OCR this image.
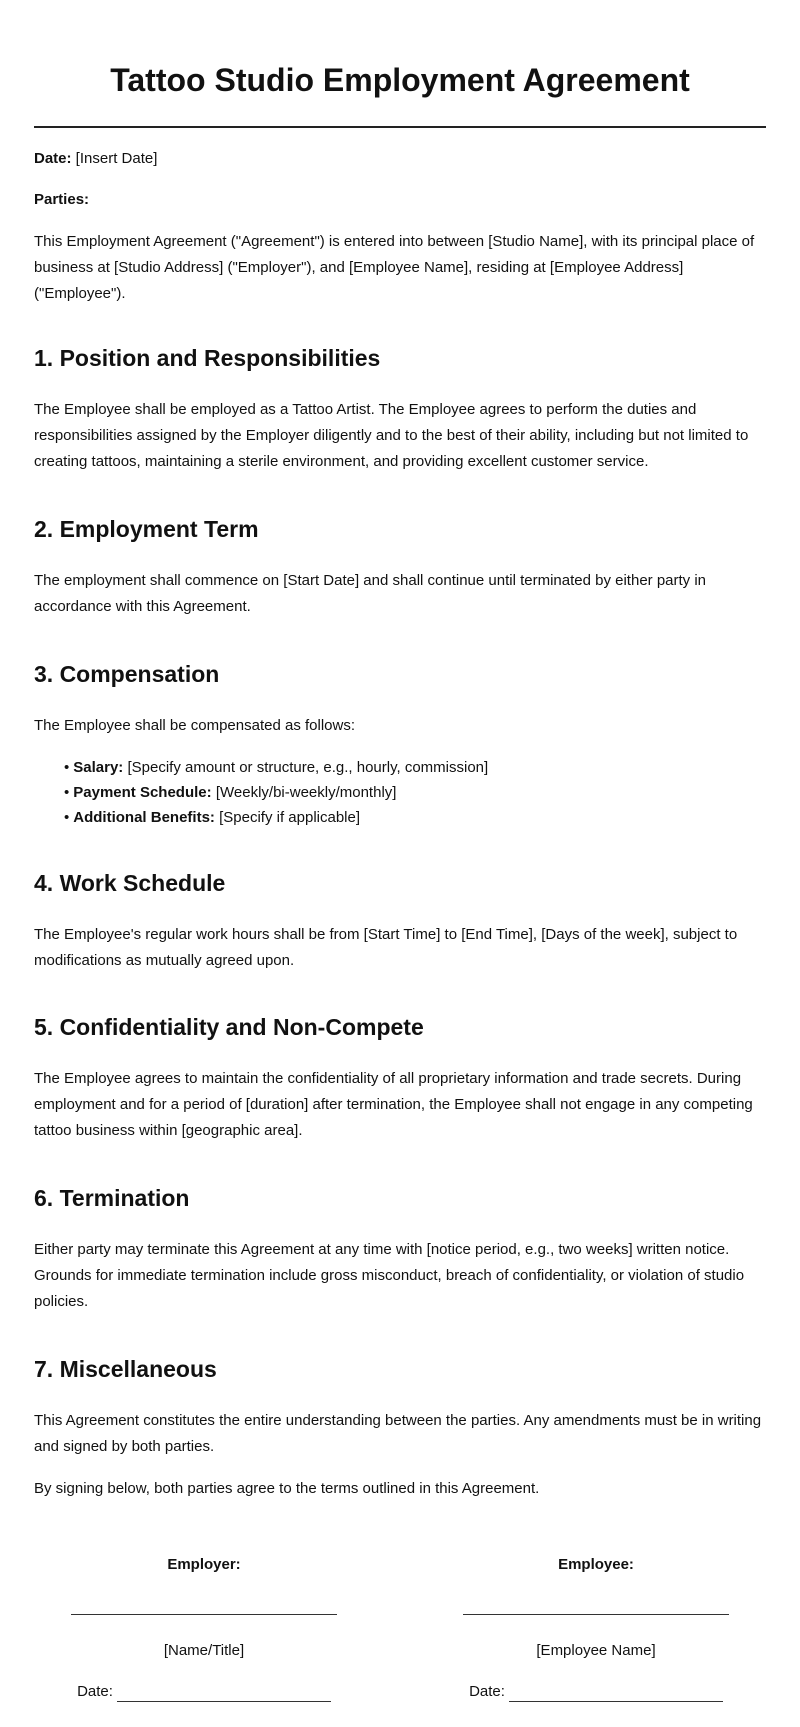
Tattoo Studio Employment Agreement

Date: [Insert Date]

Parties:

This Employment Agreement ("Agreement") is entered into between [Studio Name], with its principal place of business at [Studio Address] ("Employer"), and [Employee Name], residing at [Employee Address] ("Employee").

1. Position and Responsibilities

The Employee shall be employed as a Tattoo Artist. The Employee agrees to perform the duties and responsibilities assigned by the Employer diligently and to the best of their ability, including but not limited to creating tattoos, maintaining a sterile environment, and providing excellent customer service.

2. Employment Term

The employment shall commence on [Start Date] and shall continue until terminated by either party in accordance with this Agreement.

3. Compensation

The Employee shall be compensated as follows:

• Salary: [Specify amount or structure, e.g., hourly, commission]
• Payment Schedule: [Weekly/bi-weekly/monthly]
• Additional Benefits: [Specify if applicable]
4. Work Schedule

The Employee's regular work hours shall be from [Start Time] to [End Time], [Days of the week], subject to modifications as mutually agreed upon.

5. Confidentiality and Non-Compete

The Employee agrees to maintain the confidentiality of all proprietary information and trade secrets. During employment and for a period of [duration] after termination, the Employee shall not engage in any competing tattoo business within [geographic area].

6. Termination

Either party may terminate this Agreement at any time with [notice period, e.g., two weeks] written notice. Grounds for immediate termination include gross misconduct, breach of confidentiality, or violation of studio policies.

7. Miscellaneous

This Agreement constitutes the entire understanding between the parties. Any amendments must be in writing and signed by both parties.

By signing below, both parties agree to the terms outlined in this Agreement.

Employer:
[Name/Title]
Date:
Employee:
[Employee Name]
Date:
